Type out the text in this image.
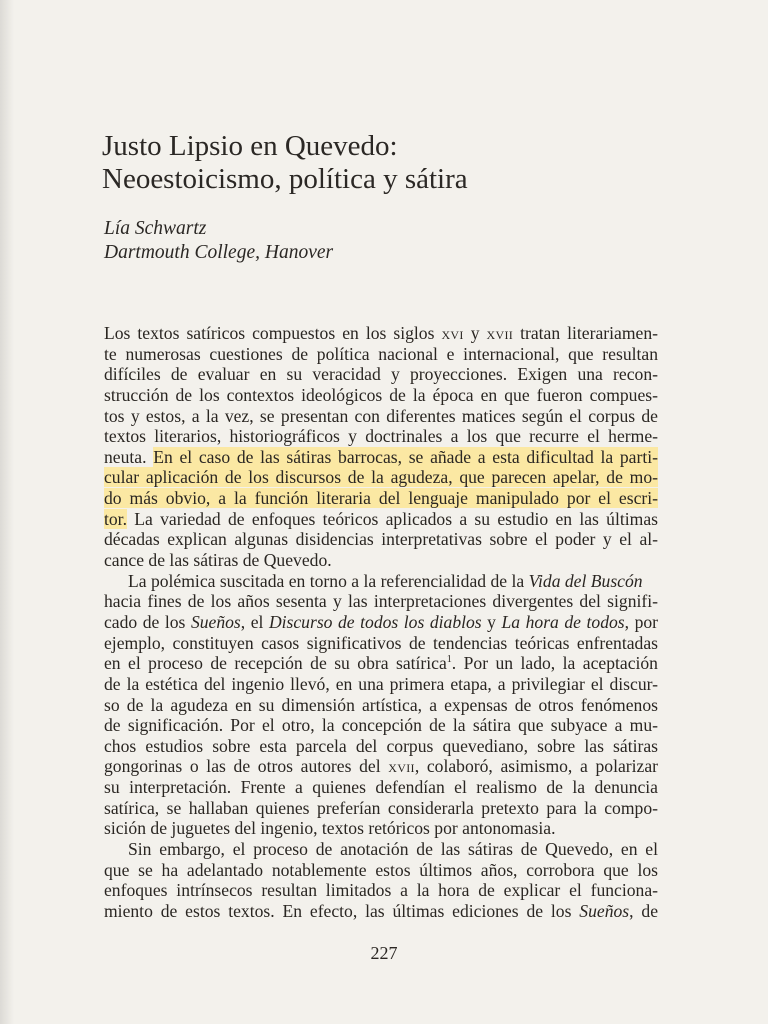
Justo Lipsio en Quevedo:
Neoestoicismo, política y sátira
Lía Schwartz
Dartmouth College, Hanover
Los textos satíricos compuestos en los siglos xvi y xvii tratan literariamen-
te numerosas cuestiones de política nacional e internacional, que resultan
difíciles de evaluar en su veracidad y proyecciones. Exigen una recon-
strucción de los contextos ideológicos de la época en que fueron compues-
tos y estos, a la vez, se presentan con diferentes matices según el corpus de
textos literarios, historiográficos y doctrinales a los que recurre el herme-
neuta. En el caso de las sátiras barrocas, se añade a esta dificultad la parti-
cular aplicación de los discursos de la agudeza, que parecen apelar, de mo-
do más obvio, a la función literaria del lenguaje manipulado por el escri-
tor. La variedad de enfoques teóricos aplicados a su estudio en las últimas
décadas explican algunas disidencias interpretativas sobre el poder y el al-
cance de las sátiras de Quevedo.
La polémica suscitada en torno a la referencialidad de la Vida del Buscón
hacia fines de los años sesenta y las interpretaciones divergentes del signifi-
cado de los Sueños, el Discurso de todos los diablos y La hora de todos, por
ejemplo, constituyen casos significativos de tendencias teóricas enfrentadas
en el proceso de recepción de su obra satírica$^1$. Por un lado, la aceptación
de la estética del ingenio llevó, en una primera etapa, a privilegiar el discur-
so de la agudeza en su dimensión artística, a expensas de otros fenómenos
de significación. Por el otro, la concepción de la sátira que subyace a mu-
chos estudios sobre esta parcela del corpus quevediano, sobre las sátiras
gongorinas o las de otros autores del xvii, colaboró, asimismo, a polarizar
su interpretación. Frente a quienes defendían el realismo de la denuncia
satírica, se hallaban quienes preferían considerarla pretexto para la compo-
sición de juguetes del ingenio, textos retóricos por antonomasia.
Sin embargo, el proceso de anotación de las sátiras de Quevedo, en el
que se ha adelantado notablemente estos últimos años, corrobora que los
enfoques intrínsecos resultan limitados a la hora de explicar el funciona-
miento de estos textos. En efecto, las últimas ediciones de los Sueños, de
227
